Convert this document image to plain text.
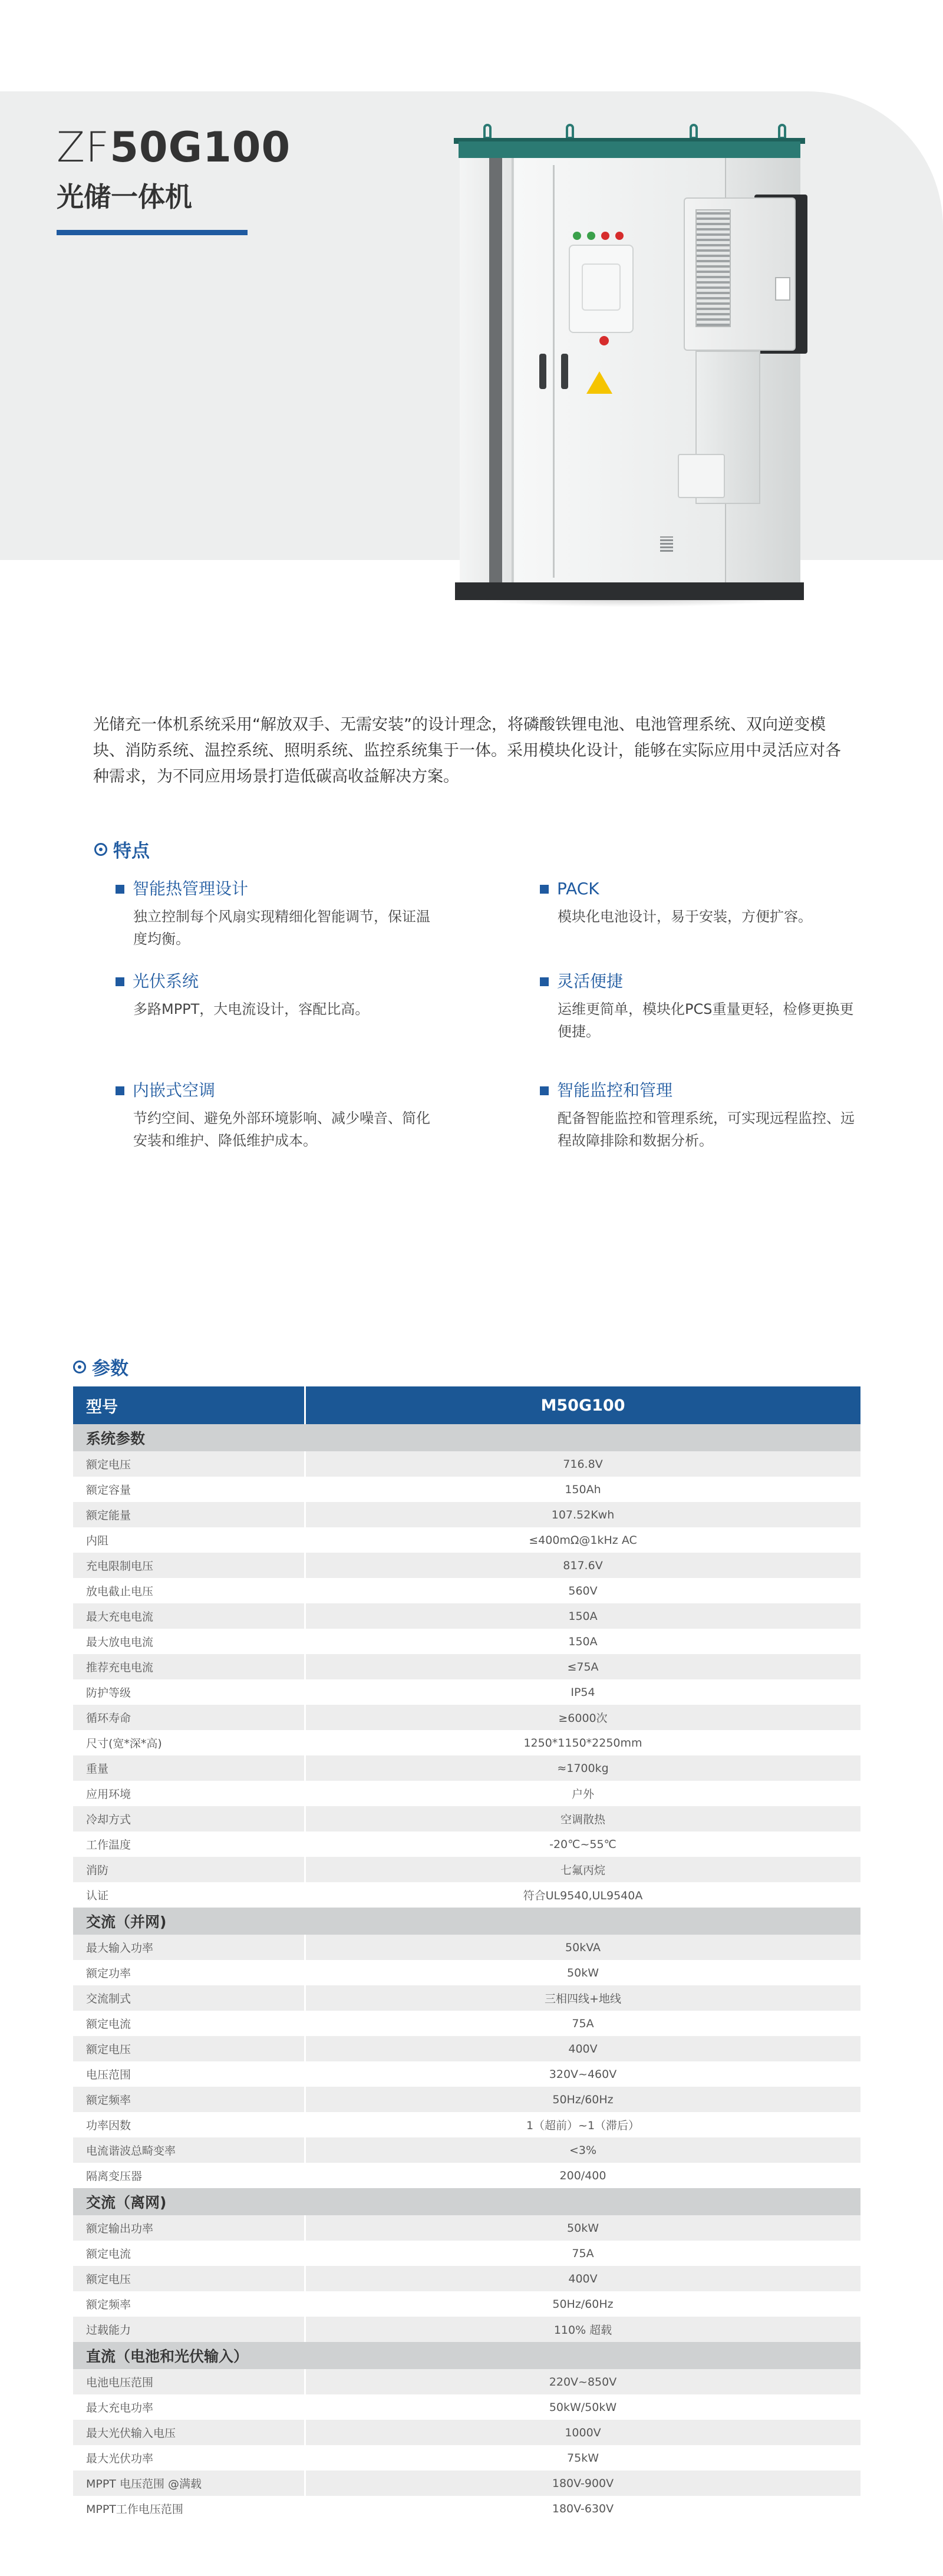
ZF50G100
光储一体机

光储充一体机系统采用“解放双手、无需安装”的设计理念，将磷酸铁锂电池、电池管理系统、双向逆变模块、消防系统、温控系统、照明系统、监控系统集于一体。采用模块化设计，能够在实际应用中灵活应对各种需求，为不同应用场景打造低碳高收益解决方案。

特点
智能热管理设计
独立控制每个风扇实现精细化智能调节，保证温度均衡。
PACK
模块化电池设计，易于安装，方便扩容。
光伏系统
多路MPPT，大电流设计，容配比高。
灵活便捷
运维更简单，模块化PCS重量更轻，检修更换更便捷。
内嵌式空调
节约空间、避免外部环境影响、减少噪音、简化安装和维护、降低维护成本。
智能监控和管理
配备智能监控和管理系统，可实现远程监控、远程故障排除和数据分析。
参数
型号	M50G100
系统参数	
额定电压	716.8V
额定容量	150Ah
额定能量	107.52Kwh
内阻	≤400mΩ@1kHz AC
充电限制电压	817.6V
放电截止电压	560V
最大充电电流	150A
最大放电电流	150A
推荐充电电流	≤75A
防护等级	IP54
循环寿命	≥6000次
尺寸(宽*深*高)	1250*1150*2250mm
重量	≈1700kg
应用环境	户外
冷却方式	空调散热
工作温度	-20℃~55℃
消防	七氟丙烷
认证	符合UL9540,UL9540A
交流（并网)	
最大输入功率	50kVA
额定功率	50kW
交流制式	三相四线+地线
额定电流	75A
额定电压	400V
电压范围	320V~460V
额定频率	50Hz/60Hz
功率因数	1（超前）~1（滞后）
电流谐波总畸变率	<3%
隔离变压器	200/400
交流（离网)	
额定输出功率	50kW
额定电流	75A
额定电压	400V
额定频率	50Hz/60Hz
过载能力	110% 超载
直流（电池和光伏输入）	
电池电压范围	220V~850V
最大充电功率	50kW/50kW
最大光伏输入电压	1000V
最大光伏功率	75kW
MPPT 电压范围 @满载	180V-900V
MPPT工作电压范围	180V-630V
